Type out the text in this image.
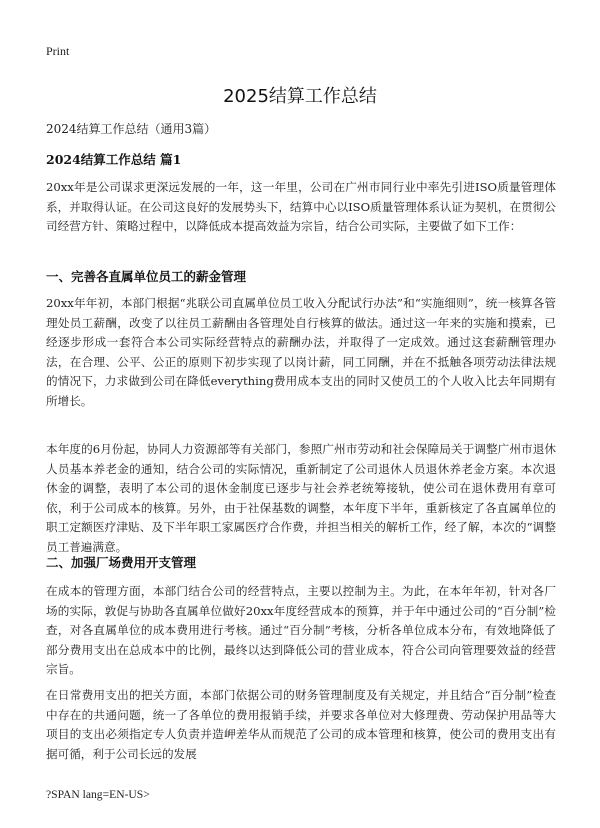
Print
2025结算工作总结
2024结算工作总结（通用3篇）
2024结算工作总结 篇1

20xx年是公司谋求更深远发展的一年，这一年里，公司在广州市同行业中率先引进ISO质量管理体系，并取得认证。在公司这良好的发展势头下，结算中心以ISO质量管理体系认证为契机，在贯彻公司经营方针、策略过程中，以降低成本提高效益为宗旨，结合公司实际，主要做了如下工作：

一、完善各直属单位员工的薪金管理

20xx年年初，本部门根据“兆联公司直属单位员工收入分配试行办法”和“实施细则”，统一核算各管理处员工薪酬，改变了以往员工薪酬由各管理处自行核算的做法。通过这一年来的实施和摸索，已经逐步形成一套符合本公司实际经营特点的薪酬办法，并取得了一定成效。通过这套薪酬管理办法，在合理、公平、公正的原则下初步实现了以岗计薪，同工同酬，并在不抵触各项劳动法律法规的情况下，力求做到公司在降低everything费用成本支出的同时又使员工的个人收入比去年同期有所增长。

本年度的6月份起，协同人力资源部等有关部门，参照广州市劳动和社会保障局关于调整广州市退休人员基本养老金的通知，结合公司的实际情况，重新制定了公司退休人员退休养老金方案。本次退休金的调整，表明了本公司的退休金制度已逐步与社会养老统筹接轨，使公司在退休费用有章可依，利于公司成本的核算。另外，由于社保基数的调整，本年度下半年，重新核定了各直属单位的职工定额医疗津贴、及下半年职工家属医疗合作费，并担当相关的解析工作，经了解，本次的“调整员工普遍满意。

二、加强厂场费用开支管理

在成本的管理方面，本部门结合公司的经营特点，主要以控制为主。为此，在本年年初，针对各厂场的实际，敦促与协助各直属单位做好20xx年度经营成本的预算，并于年中通过公司的“百分制”检查，对各直属单位的成本费用进行考核。通过“百分制”考核，分析各单位成本分布，有效地降低了部分费用支出在总成本中的比例，最终以达到降低公司的营业成本，符合公司向管理要效益的经营宗旨。

在日常费用支出的把关方面，本部门依据公司的财务管理制度及有关规定，并且结合“百分制”检查中存在的共通问题，统一了各单位的费用报销手续，并要求各单位对大修理费、劳动保护用品等大项目的支出必须指定专人负责并造岬差华从而规范了公司的成本管理和核算，使公司的费用支出有据可循，利于公司长远的发展

?SPAN lang=EN-US>
